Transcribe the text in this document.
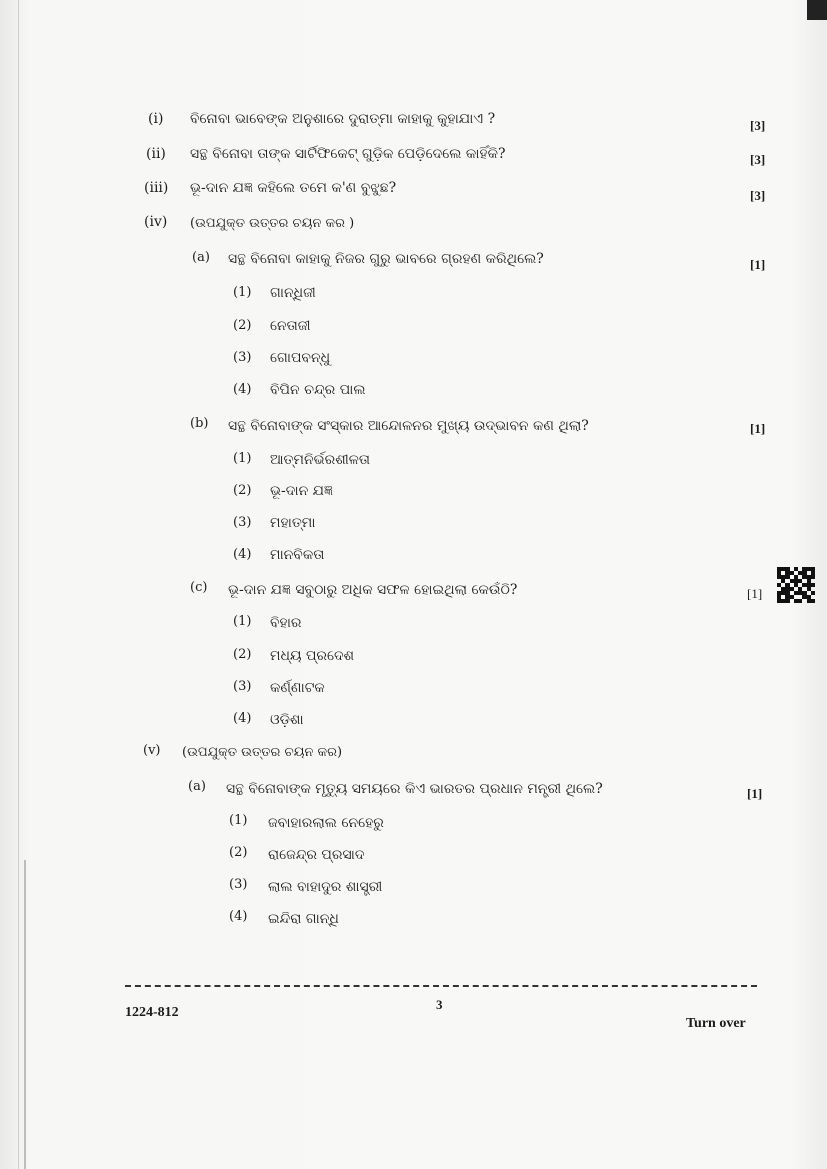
(i) ବିନୋବା ଭାବେଙ୍କ ଅନୁଶାରେ ଦୁରାତ୍ମା କାହାକୁ କୁହାଯାଏ ?	[3]
(ii) ସନ୍ଥ ବିନୋବା ତାଙ୍କ ସାର୍ଟିଫିକେଟ୍ ଗୁଡ଼ିକ ପେଡ଼ିଦେଲେ କାହିଁକି?	[3]
(iii) ଭୂ-ଦାନ ଯଜ୍ଞ କହିଲେ ତମେ କ'ଣ ବୁଝୁଛ?	[3]
(iv) (ଉପଯୁକ୍ତ ଉତ୍ତର ଚୟନ କର )
(a) ସନ୍ଥ ବିନୋବା କାହାକୁ ନିଜର ଗୁରୁ ଭାବରେ ଗ୍ରହଣ କରିଥିଲେ?	[1]
(1) ଗାନ୍ଧିଜୀ
(2) ନେତାଜୀ
(3) ଗୋପବନ୍ଧୁ
(4) ବିପିନ ଚନ୍ଦ୍ର ପାଲ
(b) ସନ୍ଥ ବିନୋବାଙ୍କ ସଂସ୍କାର ଆନ୍ଦୋଳନର ମୁଖ୍ୟ ଉଦ୍ଭାବନ କଣ ଥିଲା?	[1]
(1) ଆତ୍ମନିର୍ଭରଶୀଳତା
(2) ଭୂ-ଦାନ ଯଜ୍ଞ
(3) ମହାତ୍ମା
(4) ମାନବିକତା
(c) ଭୂ-ଦାନ ଯଜ୍ଞ ସବୁଠାରୁ ଅଧିକ ସଫଳ ହୋଇଥିଲା କେଉଁଠି?	[1]
(1) ବିହାର
(2) ମଧ୍ୟ ପ୍ରଦେଶ
(3) କର୍ଣ୍ଣାଟକ
(4) ଓଡ଼ିଶା
(v) (ଉପଯୁକ୍ତ ଉତ୍ତର ଚୟନ କର)
(a) ସନ୍ଥ ବିନୋବାଙ୍କ ମୃତ୍ୟୁ ସମୟରେ କିଏ ଭାରତର ପ୍ରଧାନ ମନ୍ତ୍ରୀ ଥିଲେ?	[1]
(1) ଜବାହାରଲାଲ ନେହେରୁ
(2) ରାଜେନ୍ଦ୍ର ପ୍ରସାଦ
(3) ଲାଲ ବାହାଦୁର ଶାସ୍ତ୍ରୀ
(4) ଇନ୍ଦିରା ଗାନ୍ଧି
3
1224-812
Turn over
